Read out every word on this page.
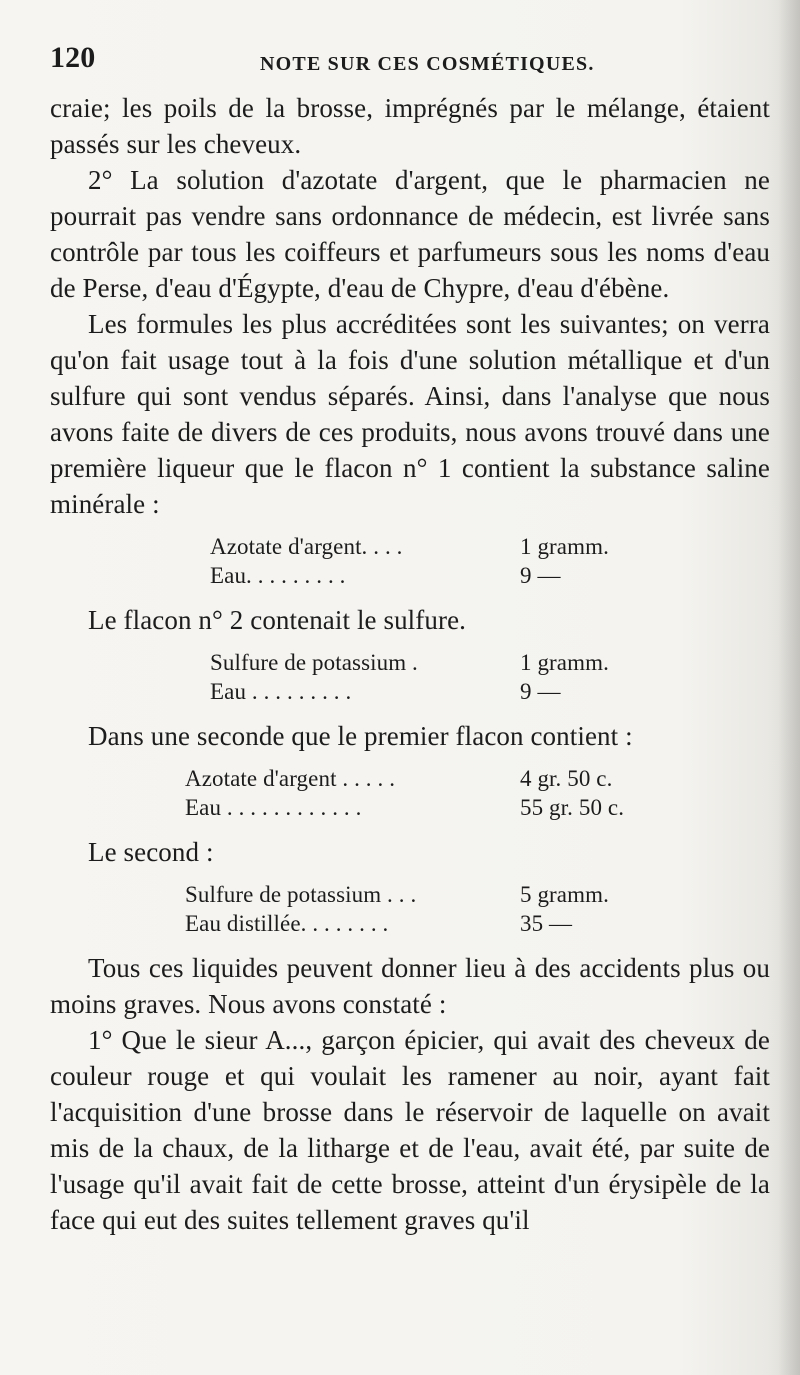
120	NOTE SUR CES COSMÉTIQUES.

craie; les poils de la brosse, imprégnés par le mélange, étaient passés sur les cheveux.

2° La solution d'azotate d'argent, que le pharmacien ne pourrait pas vendre sans ordonnance de médecin, est livrée sans contrôle par tous les coiffeurs et parfumeurs sous les noms d'eau de Perse, d'eau d'Égypte, d'eau de Chypre, d'eau d'ébène.

Les formules les plus accréditées sont les suivantes; on verra qu'on fait usage tout à la fois d'une solution métallique et d'un sulfure qui sont vendus séparés. Ainsi, dans l'analyse que nous avons faite de divers de ces produits, nous avons trouvé dans une première liqueur que le flacon n° 1 contient la substance saline minérale :

Azotate d'argent. . . .	1 gramm.
Eau. . . . . . . . .	9 —

Le flacon n° 2 contenait le sulfure.

Sulfure de potassium .	1 gramm.
Eau . . . . . . . . .	9 —

Dans une seconde que le premier flacon contient :

Azotate d'argent . . . . .	4 gr. 50 c.
Eau . . . . . . . . . . . .	55 gr. 50 c.

Le second :

Sulfure de potassium . . .	5 gramm.
Eau distillée. . . . . . . .	35 —

Tous ces liquides peuvent donner lieu à des accidents plus ou moins graves. Nous avons constaté :

1° Que le sieur A..., garçon épicier, qui avait des cheveux de couleur rouge et qui voulait les ramener au noir, ayant fait l'acquisition d'une brosse dans le réservoir de laquelle on avait mis de la chaux, de la litharge et de l'eau, avait été, par suite de l'usage qu'il avait fait de cette brosse, atteint d'un érysipèle de la face qui eut des suites tellement graves qu'il
